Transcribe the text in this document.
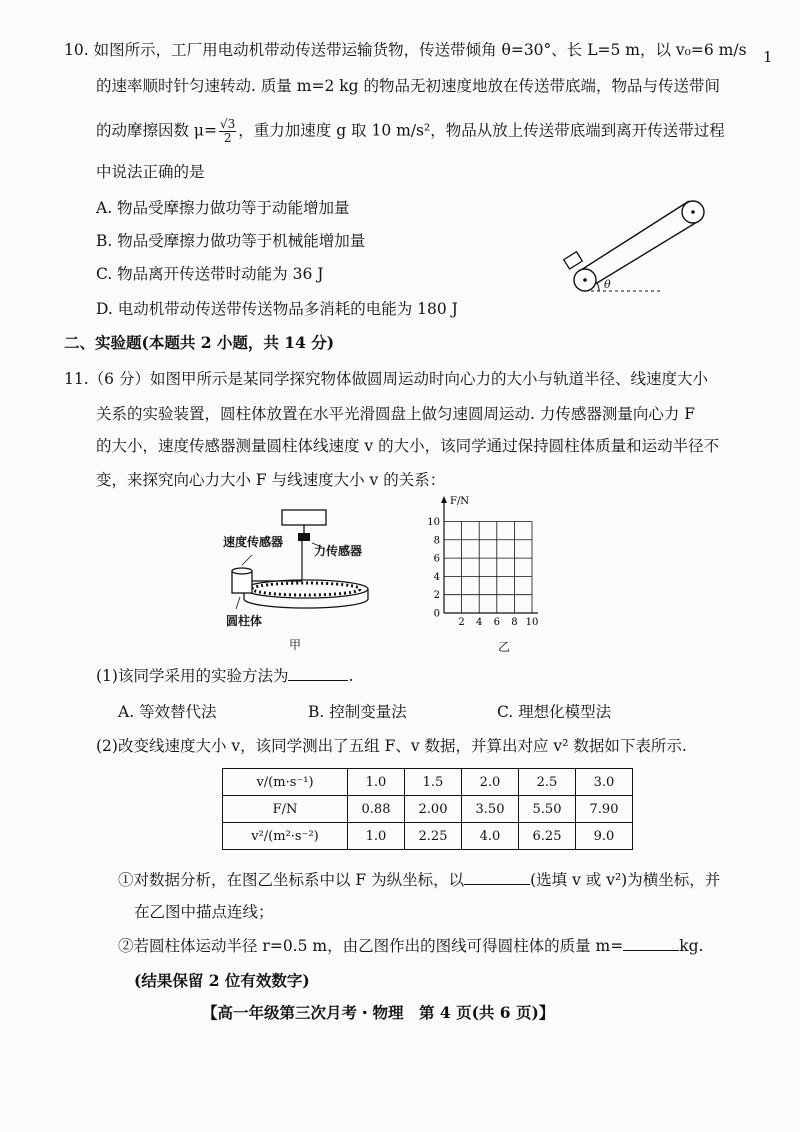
1
10. 如图所示，工厂用电动机带动传送带运输货物，传送带倾角 θ=30°、长 L=5 m，以 v₀=6 m/s
的速率顺时针匀速转动. 质量 m=2 kg 的物品无初速度地放在传送带底端，物品与传送带间
的动摩擦因数 $\mu= \frac{√3}{2}$ ，重力加速度 g 取 10 m/s²，物品从放上传送带底端到离开传送带过程
中说法正确的是
A. 物品受摩擦力做功等于动能增加量
B. 物品受摩擦力做功等于机械能增加量
C. 物品离开传送带时动能为 36 J
D. 电动机带动传送带传送物品多消耗的电能为 180 J
θ
二、实验题(本题共 2 小题，共 14 分)
11.（6 分）如图甲所示是某同学探究物体做圆周运动时向心力的大小与轨道半径、线速度大小
关系的实验装置，圆柱体放置在水平光滑圆盘上做匀速圆周运动. 力传感器测量向心力 F
的大小，速度传感器测量圆柱体线速度 v 的大小，该同学通过保持圆柱体质量和运动半径不
变，来探究向心力大小 F 与线速度大小 v 的关系：
速度传感器
力传感器
圆柱体
甲
F/N
0
2
4
6
8
10
2 4 6 8 10
乙
(1)该同学采用的实验方法为	.
A. 等效替代法	B. 控制变量法	C. 理想化模型法
(2)改变线速度大小 v，该同学测出了五组 F、v 数据，并算出对应 v² 数据如下表所示.
v/(m·s⁻¹)	1.0	1.5	2.0	2.5	3.0
F/N	0.88	2.00	3.50	5.50	7.90
v²/(m²·s⁻²)	1.0	2.25	4.0	6.25	9.0
①对数据分析，在图乙坐标系中以 F 为纵坐标，以	(选填 v 或 v²)为横坐标，并
在乙图中描点连线；
②若圆柱体运动半径 r=0.5 m，由乙图作出的图线可得圆柱体的质量 m=	kg.
(结果保留 2 位有效数字)
【高一年级第三次月考・物理　第 4 页(共 6 页)】
